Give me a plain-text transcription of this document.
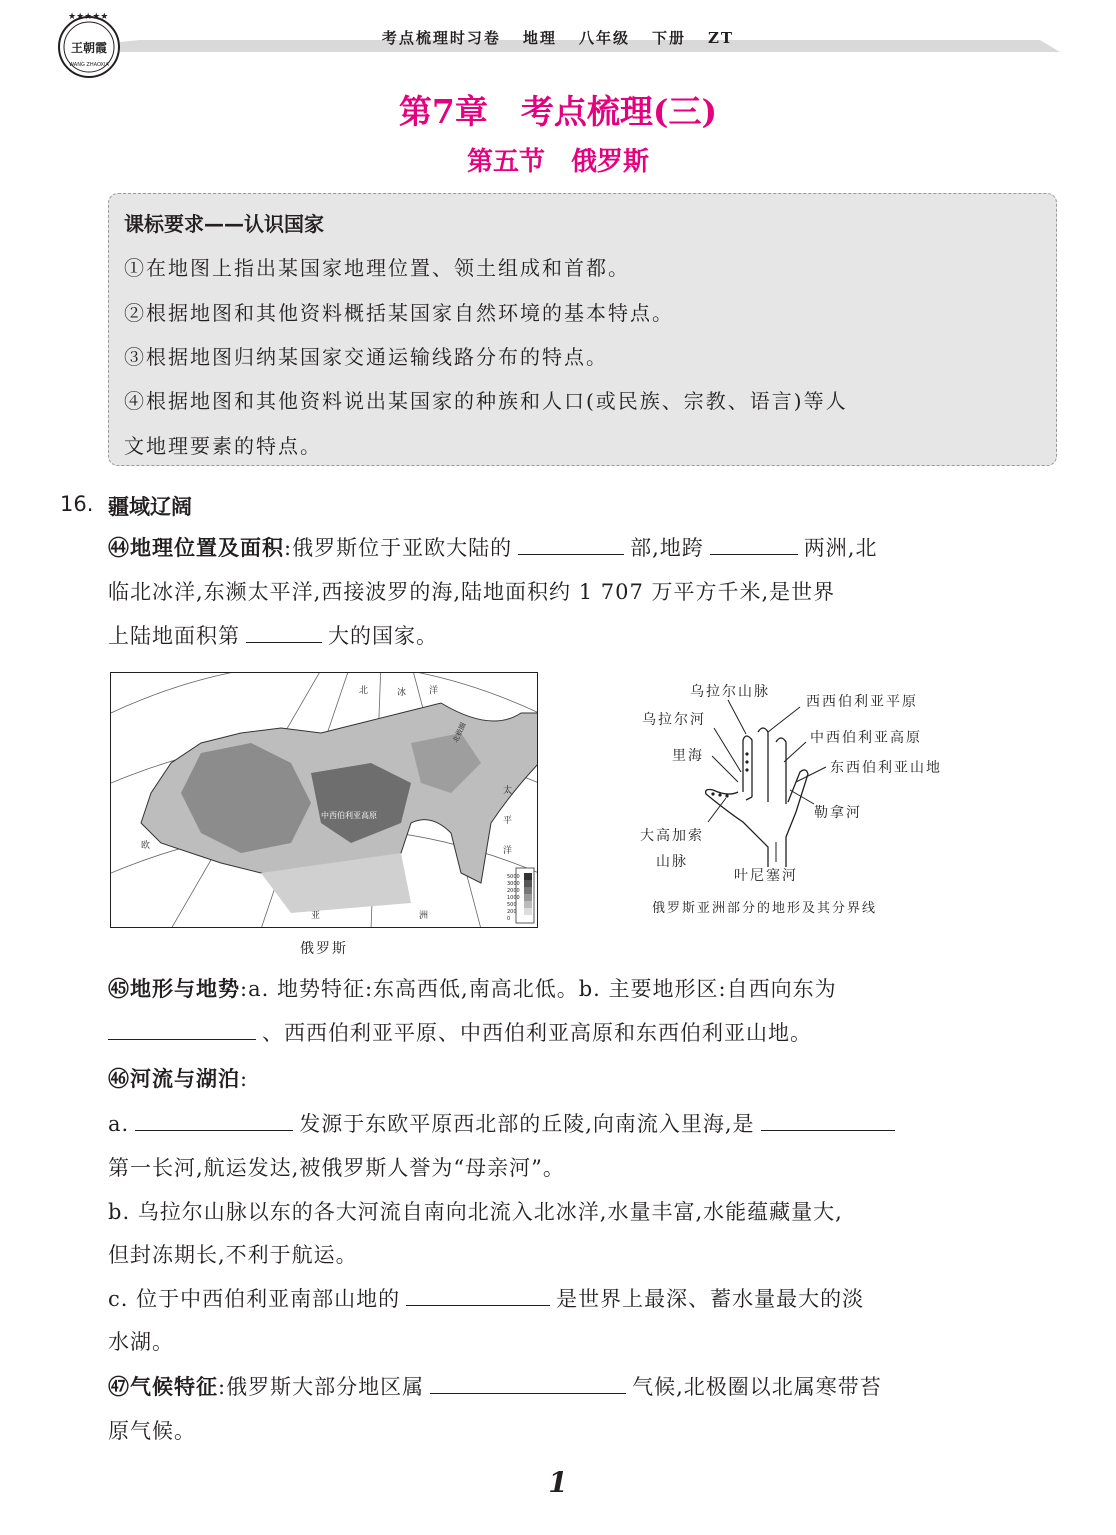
考点梳理时习卷 地理 八年级 下册 ZT
★★★★★
王朝霞
WANG ZHAOXIA
第7章　考点梳理(三)
第五节　俄罗斯
课标要求——认识国家
①在地图上指出某国家地理位置、领土组成和首都。
②根据地图和其他资料概括某国家自然环境的基本特点。
③根据地图归纳某国家交通运输线路分布的特点。
④根据地图和其他资料说出某国家的种族和人口(或民族、宗教、语言)等人
文地理要素的特点。
16. 疆域辽阔
㊹地理位置及面积:俄罗斯位于亚欧大陆的	部,地跨	两洲,北
临北冰洋,东濒太平洋,西接波罗的海,陆地面积约 1 707 万平方千米,是世界
上陆地面积第	大的国家。
北	冰	洋
中西伯利亚高原
亚	洲
欧
太
平
洋
北极圈
5000
3000
2000
1000
500
200
0
俄罗斯
乌拉尔山脉
乌拉尔河
里海
西西伯利亚平原
中西伯利亚高原
东西伯利亚山地
勒拿河
大高加索
山脉
叶尼塞河
俄罗斯亚洲部分的地形及其分界线
㊺地形与地势:a. 地势特征:东高西低,南高北低。b. 主要地形区:自西向东为
、西西伯利亚平原、中西伯利亚高原和东西伯利亚山地。
㊻河流与湖泊:
a.	发源于东欧平原西北部的丘陵,向南流入里海,是
第一长河,航运发达,被俄罗斯人誉为“母亲河”。
b. 乌拉尔山脉以东的各大河流自南向北流入北冰洋,水量丰富,水能蕴藏量大,
但封冻期长,不利于航运。
c. 位于中西伯利亚南部山地的	是世界上最深、蓄水量最大的淡
水湖。
㊼气候特征:俄罗斯大部分地区属	气候,北极圈以北属寒带苔
原气候。
1
